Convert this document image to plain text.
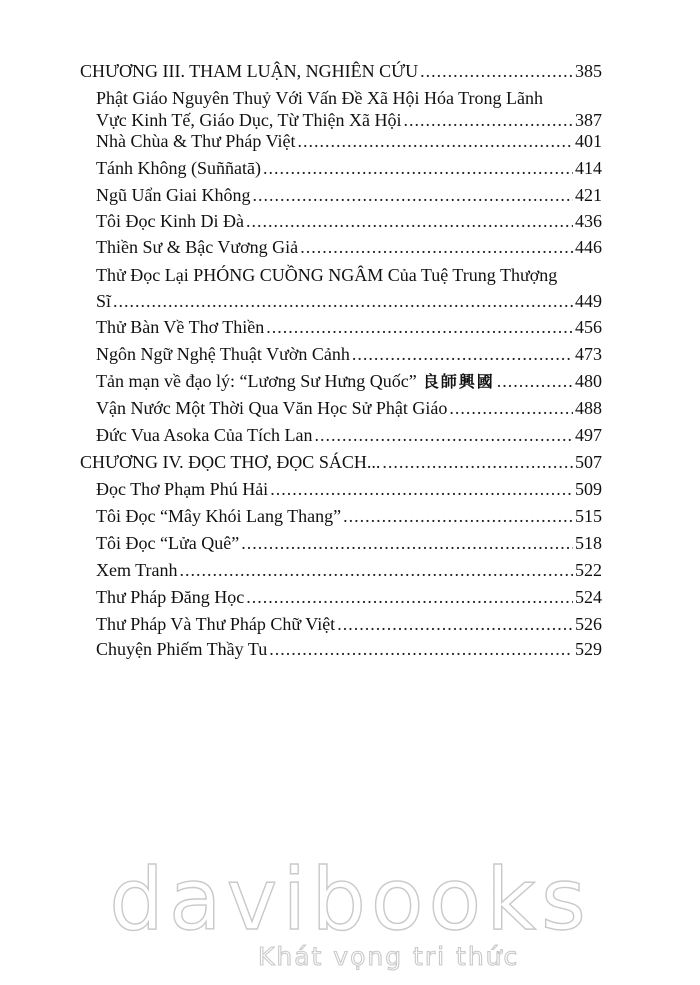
CHƯƠNG III. THAM LUẬN, NGHIÊN CỨU .....	385
Phật Giáo Nguyên Thuỷ Với Vấn Đề Xã Hội Hóa Trong Lãnh
Vực Kinh Tế, Giáo Dục, Từ Thiện Xã Hội .....	387
Nhà Chùa & Thư Pháp Việt .....	401
Tánh Không (Suññatā) .....	414
Ngũ Uẩn Giai Không .....	421
Tôi Đọc Kinh Di Đà .....	436
Thiền Sư & Bậc Vương Giả .....	446
Thử Đọc Lại PHÓNG CUỒNG NGÂM Của Tuệ Trung Thượng
Sĩ .....	449
Thử Bàn Về Thơ Thiền .....	456
Ngôn Ngữ Nghệ Thuật Vườn Cảnh .....	473
Tản mạn về đạo lý: “Lương Sư Hưng Quốc” 良師興國 .....	480
Vận Nước Một Thời Qua Văn Học Sử Phật Giáo .....	488
Đức Vua Asoka Của Tích Lan .....	497
CHƯƠNG IV. ĐỌC THƠ, ĐỌC SÁCH... .....	507
Đọc Thơ Phạm Phú Hải .....	509
Tôi Đọc “Mây Khói Lang Thang” .....	515
Tôi Đọc “Lửa Quê” .....	518
Xem Tranh .....	522
Thư Pháp Đăng Học .....	524
Thư Pháp Và Thư Pháp Chữ Việt .....	526
Chuyện Phiếm Thầy Tu .....	529
davibooks
Khát vọng tri thức
